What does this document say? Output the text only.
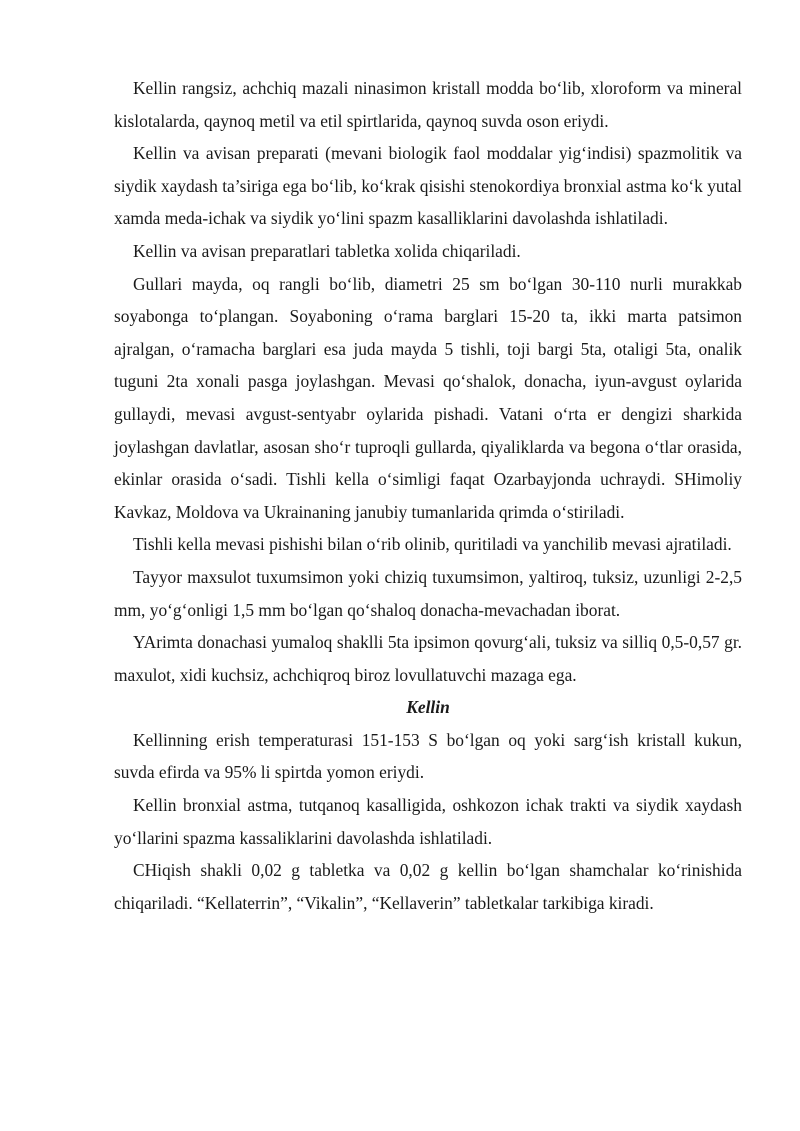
Kellin rangsiz, achchiq mazali ninasimon kristall modda bo‘lib, xloroform va mineral kislotalarda, qaynoq metil va etil spirtlarida, qaynoq suvda oson eriydi.

Kellin va avisan preparati (mevani biologik faol moddalar yig‘indisi) spazmolitik va siydik xaydash ta’siriga ega bo‘lib, ko‘krak qisishi stenokordiya bronxial astma ko‘k yutal xamda meda-ichak va siydik yo‘lini spazm kasalliklarini davolashda ishlatiladi.

Kellin va avisan preparatlari tabletka xolida chiqariladi.

Gullari mayda, oq rangli bo‘lib, diametri 25 sm bo‘lgan 30-110 nurli murakkab soyabonga to‘plangan. Soyaboning o‘rama barglari 15-20 ta, ikki marta patsimon ajralgan, o‘ramacha barglari esa juda mayda 5 tishli, toji bargi 5ta, otaligi 5ta, onalik tuguni 2ta xonali pasga joylashgan. Mevasi qo‘shalok, donacha, iyun-avgust oylarida gullaydi, mevasi avgust-sentyabr oylarida pishadi. Vatani o‘rta er dengizi sharkida joylashgan davlatlar, asosan sho‘r tuproqli gullarda, qiyaliklarda va begona o‘tlar orasida, ekinlar orasida o‘sadi. Tishli kella o‘simligi faqat Ozarbayjonda uchraydi. SHimoliy Kavkaz, Moldova va Ukrainaning janubiy tumanlarida qrimda o‘stiriladi.

Tishli kella mevasi pishishi bilan o‘rib olinib, quritiladi va yanchilib mevasi ajratiladi.

Tayyor maxsulot tuxumsimon yoki chiziq tuxumsimon, yaltiroq, tuksiz, uzunligi 2-2,5 mm, yo‘g‘onligi 1,5 mm bo‘lgan qo‘shaloq donacha-mevachadan iborat.

YArimta donachasi yumaloq shaklli 5ta ipsimon qovurg‘ali, tuksiz va silliq 0,5-0,57 gr. maxulot, xidi kuchsiz, achchiqroq biroz lovullatuvchi mazaga ega.

Kellin

Kellinning erish temperaturasi 151-153 S bo‘lgan oq yoki sarg‘ish kristall kukun, suvda efirda va 95% li spirtda yomon eriydi.

Kellin bronxial astma, tutqanoq kasalligida, oshkozon ichak trakti va siydik xaydash yo‘llarini spazma kassaliklarini davolashda ishlatiladi.

CHiqish shakli 0,02 g tabletka va 0,02 g kellin bo‘lgan shamchalar ko‘rinishida chiqariladi. “Kellaterrin”, “Vikalin”, “Kellaverin” tabletkalar tarkibiga kiradi.
